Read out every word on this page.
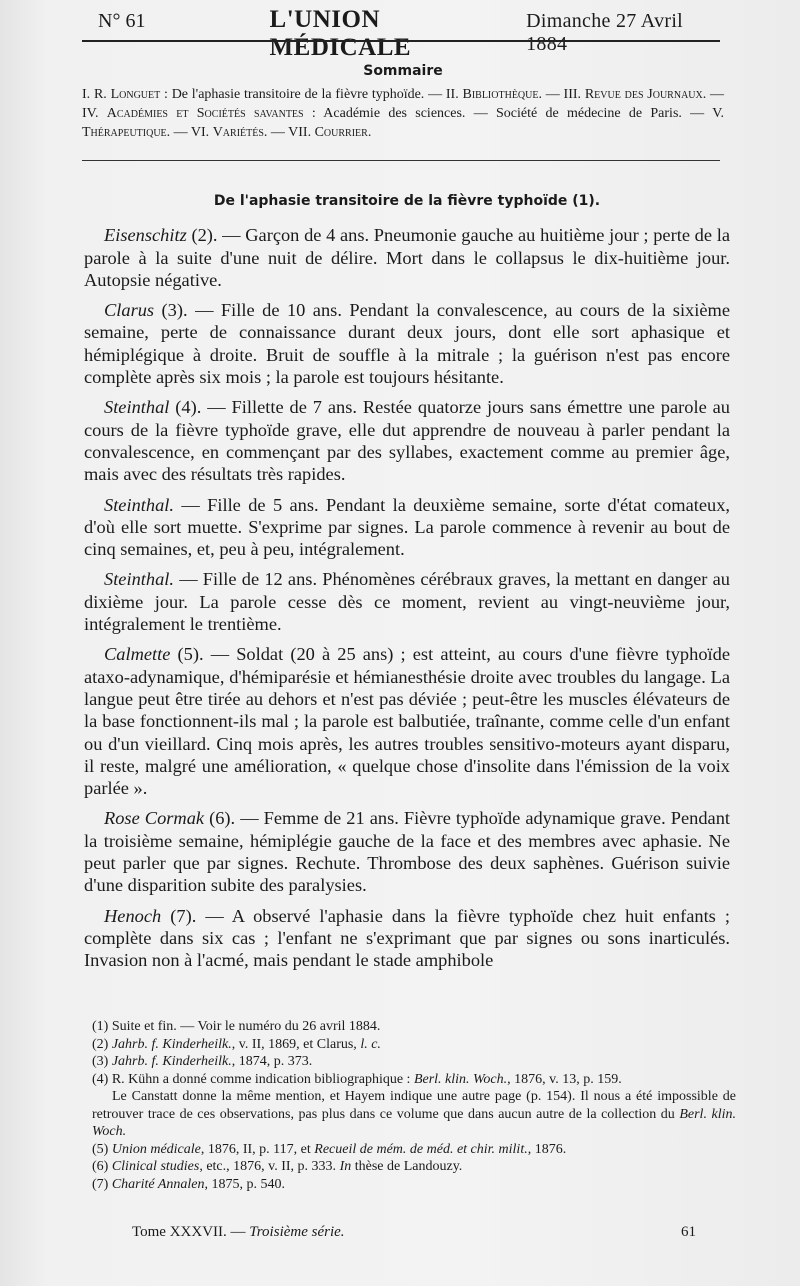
N° 61	L'UNION MÉDICALE
Dimanche 27 Avril 1884
Sommaire
I. R. Longuet : De l'aphasie transitoire de la fièvre typhoïde. — II. Bibliothèque. — III. Revue des Journaux. — IV. Académies et Sociétés savantes : Académie des sciences. — Société de médecine de Paris. — V. Thérapeutique. — VI. Variétés. — VII. Courrier.
De l'aphasie transitoire de la fièvre typhoïde (1).

Eisenschitz (2). — Garçon de 4 ans. Pneumonie gauche au huitième jour ; perte de la parole à la suite d'une nuit de délire. Mort dans le collapsus le dix-huitième jour. Autopsie négative.

Clarus (3). — Fille de 10 ans. Pendant la convalescence, au cours de la sixième semaine, perte de connaissance durant deux jours, dont elle sort aphasique et hémiplégique à droite. Bruit de souffle à la mitrale ; la guérison n'est pas encore complète après six mois ; la parole est toujours hésitante.

Steinthal (4). — Fillette de 7 ans. Restée quatorze jours sans émettre une parole au cours de la fièvre typhoïde grave, elle dut apprendre de nouveau à parler pendant la convalescence, en commençant par des syllabes, exactement comme au premier âge, mais avec des résultats très rapides.

Steinthal. — Fille de 5 ans. Pendant la deuxième semaine, sorte d'état comateux, d'où elle sort muette. S'exprime par signes. La parole commence à revenir au bout de cinq semaines, et, peu à peu, intégralement.

Steinthal. — Fille de 12 ans. Phénomènes cérébraux graves, la mettant en danger au dixième jour. La parole cesse dès ce moment, revient au vingt-neuvième jour, intégralement le trentième.

Calmette (5). — Soldat (20 à 25 ans) ; est atteint, au cours d'une fièvre typhoïde ataxo-adynamique, d'hémiparésie et hémianesthésie droite avec troubles du langage. La langue peut être tirée au dehors et n'est pas déviée ; peut-être les muscles élévateurs de la base fonctionnent-ils mal ; la parole est balbutiée, traînante, comme celle d'un enfant ou d'un vieillard. Cinq mois après, les autres troubles sensitivo-moteurs ayant disparu, il reste, malgré une amélioration, « quelque chose d'insolite dans l'émission de la voix parlée ».

Rose Cormak (6). — Femme de 21 ans. Fièvre typhoïde adynamique grave. Pendant la troisième semaine, hémiplégie gauche de la face et des membres avec aphasie. Ne peut parler que par signes. Rechute. Thrombose des deux saphènes. Guérison suivie d'une disparition subite des paralysies.

Henoch (7). — A observé l'aphasie dans la fièvre typhoïde chez huit enfants ; complète dans six cas ; l'enfant ne s'exprimant que par signes ou sons inarticulés. Invasion non à l'acmé, mais pendant le stade amphibole

(1) Suite et fin. — Voir le numéro du 26 avril 1884.

(2) Jahrb. f. Kinderheilk., v. II, 1869, et Clarus, l. c.

(3) Jahrb. f. Kinderheilk., 1874, p. 373.

(4) R. Kühn a donné comme indication bibliographique : Berl. klin. Woch., 1876, v. 13, p. 159.

Le Canstatt donne la même mention, et Hayem indique une autre page (p. 154). Il nous a été impossible de retrouver trace de ces observations, pas plus dans ce volume que dans aucun autre de la collection du Berl. klin. Woch.

(5) Union médicale, 1876, II, p. 117, et Recueil de mém. de méd. et chir. milit., 1876.

(6) Clinical studies, etc., 1876, v. II, p. 333. In thèse de Landouzy.

(7) Charité Annalen, 1875, p. 540.

Tome XXXVII. — Troisième série.	61
